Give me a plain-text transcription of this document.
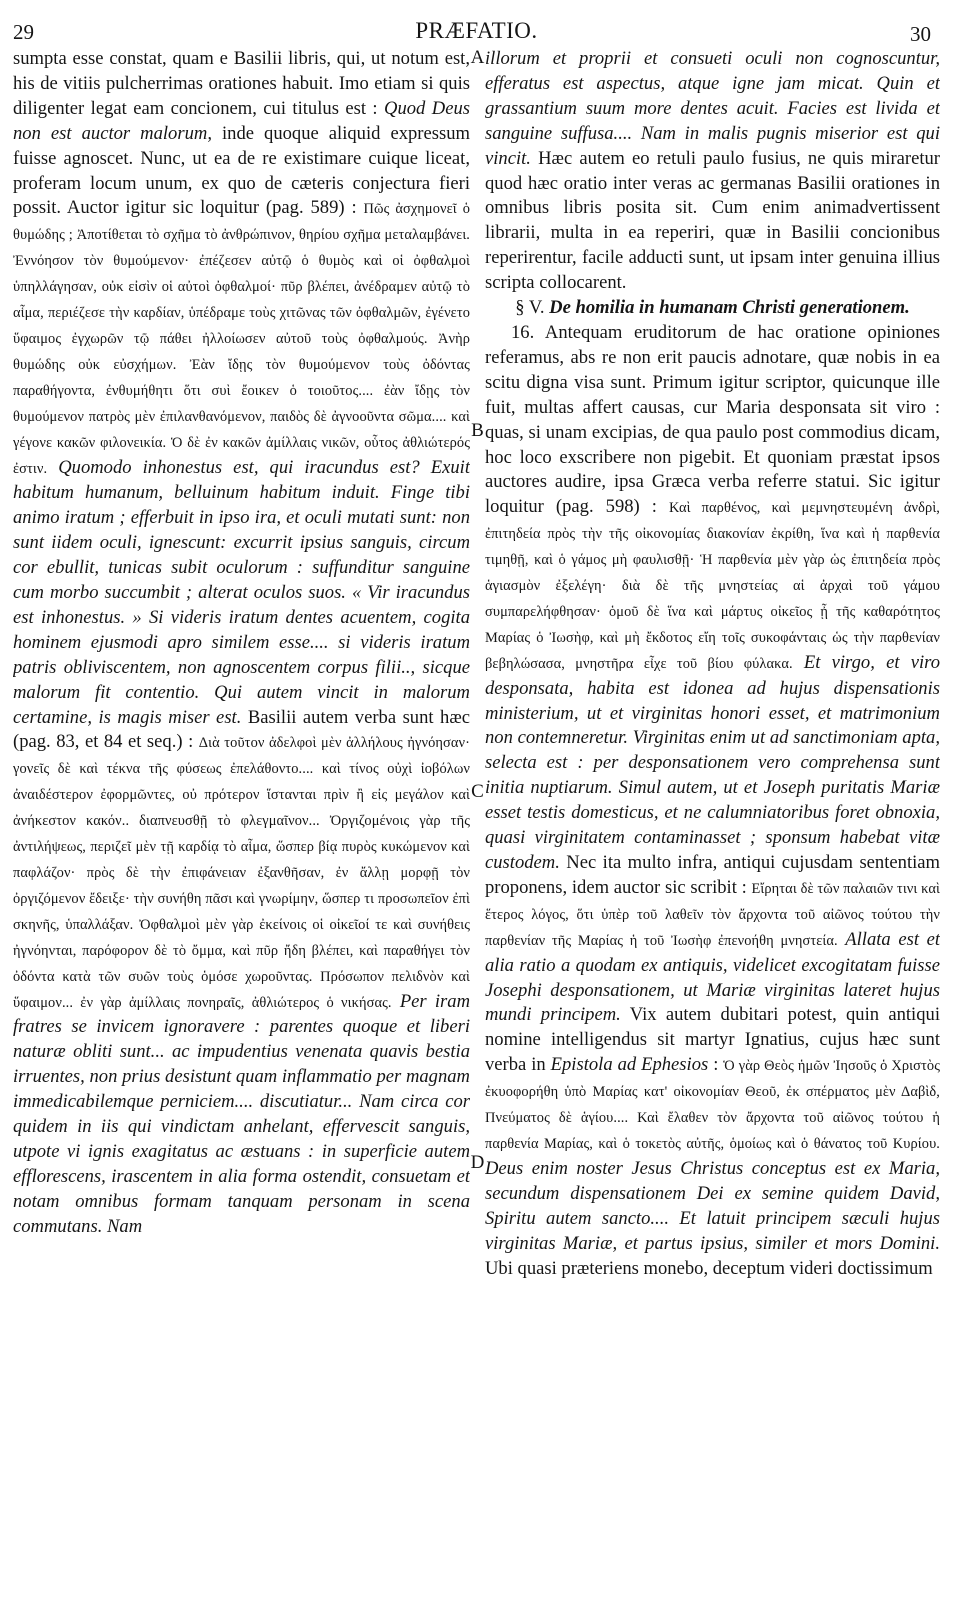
29	PRÆFATIO.	30
A
B
C
D

sumpta esse constat, quam e Basilii libris, qui, ut notum est, his de vitiis pulcherrimas orationes habuit. Imo etiam si quis diligenter legat eam concionem, cui titulus est : Quod Deus non est auctor malorum, inde quoque aliquid expressum fuisse agnoscet. Nunc, ut ea de re existimare cuique liceat, proferam locum unum, ex quo de cæteris conjectura fieri possit. Auctor igitur sic loquitur (pag. 589) : Πῶς ἀσχημονεῖ ὁ θυμώδης ; Ἀποτίθεται τὸ σχῆμα τὸ ἀνθρώπινον, θηρίου σχῆμα μεταλαμβάνει. Ἐννόησον τὸν θυμούμενον· ἐπέζεσεν αὐτῷ ὁ θυμὸς καὶ οἱ ὀφθαλμοὶ ὑπηλλάγησαν, οὐκ εἰσὶν οἱ αὐτοὶ ὀφθαλμοί· πῦρ βλέπει, ἀνέδραμεν αὐτῷ τὸ αἷμα, περιέζεσε τὴν καρδίαν, ὑπέδραμε τοὺς χιτῶνας τῶν ὀφθαλμῶν, ἐγένετο ὕφαιμος ἐγχωρῶν τῷ πάθει ἠλλοίωσεν αὐτοῦ τοὺς ὀφθαλμούς. Ἀνὴρ θυμώδης οὐκ εὐσχήμων. Ἐὰν ἴδῃς τὸν θυμούμενον τοὺς ὀδόντας παραθήγοντα, ἐνθυμήθητι ὅτι συὶ ἔοικεν ὁ τοιοῦτος.... ἐὰν ἴδῃς τὸν θυμούμενον πατρὸς μὲν ἐπιλανθανόμενον, παιδὸς δὲ ἀγνοοῦντα σῶμα.... καὶ γέγονε κακῶν φιλονεικία. Ὁ δὲ ἐν κακῶν ἀμίλλαις νικῶν, οὗτος ἀθλιώτερός ἐστιν. Quomodo inhonestus est, qui iracundus est? Exuit habitum humanum, belluinum habitum induit. Finge tibi animo iratum ; efferbuit in ipso ira, et oculi mutati sunt: non sunt iidem oculi, ignescunt: excurrit ipsius sanguis, circum cor ebullit, tunicas subit oculorum : suffunditur sanguine cum morbo succumbit ; alterat oculos suos. « Vir iracundus est inhonestus. » Si videris iratum dentes acuentem, cogita hominem ejusmodi apro similem esse.... si videris iratum patris obliviscentem, non agnoscentem corpus filii.., sicque malorum fit contentio. Qui autem vincit in malorum certamine, is magis miser est. Basilii autem verba sunt hæc (pag. 83, et 84 et seq.) : Διὰ τοῦτον ἀδελφοὶ μὲν ἀλλήλους ἠγνόησαν· γονεῖς δὲ καὶ τέκνα τῆς φύσεως ἐπελάθοντο.... καὶ τίνος οὐχὶ ἰοβόλων ἀναιδέστερον ἐφορμῶντες, οὐ πρότερον ἵστανται πρὶν ἢ εἰς μεγάλον καὶ ἀνήκεστον κακόν.. διαπνευσθῇ τὸ φλεγμαῖνον... Ὀργιζομένοις γὰρ τῆς ἀντιλήψεως, περιζεῖ μὲν τῇ καρδίᾳ τὸ αἷμα, ὥσπερ βίᾳ πυρὸς κυκώμενον καὶ παφλάζον· πρὸς δὲ τὴν ἐπιφάνειαν ἐξανθῆσαν, ἐν ἄλλῃ μορφῇ τὸν ὀργιζόμενον ἔδειξε· τὴν συνήθη πᾶσι καὶ γνωρίμην, ὥσπερ τι προσωπεῖον ἐπὶ σκηνῆς, ὑπαλλάξαν. Ὀφθαλμοὶ μὲν γὰρ ἐκείνοις οἱ οἰκεῖοί τε καὶ συνήθεις ἠγνόηνται, παρόφορον δὲ τὸ ὄμμα, καὶ πῦρ ἤδη βλέπει, καὶ παραθήγει τὸν ὀδόντα κατὰ τῶν συῶν τοὺς ὁμόσε χωροῦντας. Πρόσωπον πελιδνὸν καὶ ὕφαιμον... ἐν γὰρ ἀμίλλαις πονηραῖς, ἀθλιώτερος ὁ νικήσας. Per iram fratres se invicem ignoravere : parentes quoque et liberi naturæ obliti sunt... ac impudentius venenata quavis bestia irruentes, non prius desistunt quam inflammatio per magnam immedicabilemque perniciem.... discutiatur... Nam circa cor quidem in iis qui vindictam anhelant, effervescit sanguis, utpote vi ignis exagitatus ac æstuans : in superficie autem efflorescens, irascentem in alia forma ostendit, consuetam et notam omnibus formam tanquam personam in scena commutans. Nam

illorum et proprii et consueti oculi non cognoscuntur, efferatus est aspectus, atque igne jam micat. Quin et grassantium suum more dentes acuit. Facies est livida et sanguine suffusa.... Nam in malis pugnis miserior est qui vincit. Hæc autem eo retuli paulo fusius, ne quis miraretur quod hæc oratio inter veras ac germanas Basilii orationes in omnibus libris posita sit. Cum enim animadvertissent librarii, multa in ea reperiri, quæ in Basilii concionibus reperirentur, facile adducti sunt, ut ipsam inter genuina illius scripta collocarent.

§ V. De homilia in humanam Christi generationem.

16. Antequam eruditorum de hac oratione opiniones referamus, abs re non erit paucis adnotare, quæ nobis in ea scitu digna visa sunt. Primum igitur scriptor, quicunque ille fuit, multas affert causas, cur Maria desponsata sit viro : quas, si unam excipias, de qua paulo post commodius dicam, hoc loco exscribere non pigebit. Et quoniam præstat ipsos auctores audire, ipsa Græca verba referre statui. Sic igitur loquitur (pag. 598) : Καὶ παρθένος, καὶ μεμνηστευμένη ἀνδρὶ, ἐπιτηδεία πρὸς τὴν τῆς οἰκονομίας διακονίαν ἐκρίθη, ἵνα καὶ ἡ παρθενία τιμηθῇ, καὶ ὁ γάμος μὴ φαυλισθῇ· Ἡ παρθενία μὲν γὰρ ὡς ἐπιτηδεία πρὸς ἁγιασμὸν ἐξελέγη· διὰ δὲ τῆς μνηστείας αἱ ἀρχαὶ τοῦ γάμου συμπαρελήφθησαν· ὁμοῦ δὲ ἵνα καὶ μάρτυς οἰκεῖος ᾖ τῆς καθαρότητος Μαρίας ὁ Ἰωσὴφ, καὶ μὴ ἔκδοτος εἴη τοῖς συκοφάνταις ὡς τὴν παρθενίαν βεβηλώσασα, μνηστῆρα εἶχε τοῦ βίου φύλακα. Et virgo, et viro desponsata, habita est idonea ad hujus dispensationis ministerium, ut et virginitas honori esset, et matrimonium non contemneretur. Virginitas enim ut ad sanctimoniam apta, selecta est : per desponsationem vero comprehensa sunt initia nuptiarum. Simul autem, ut et Joseph puritatis Mariæ esset testis domesticus, et ne calumniatoribus foret obnoxia, quasi virginitatem contaminasset ; sponsum habebat vitæ custodem. Nec ita multo infra, antiqui cujusdam sententiam proponens, idem auctor sic scribit : Εἴρηται δὲ τῶν παλαιῶν τινι καὶ ἕτερος λόγος, ὅτι ὑπὲρ τοῦ λαθεῖν τὸν ἄρχοντα τοῦ αἰῶνος τούτου τὴν παρθενίαν τῆς Μαρίας ἡ τοῦ Ἰωσὴφ ἐπενοήθη μνηστεία. Allata est et alia ratio a quodam ex antiquis, videlicet excogitatam fuisse Josephi desponsationem, ut Mariæ virginitas lateret hujus mundi principem. Vix autem dubitari potest, quin antiqui nomine intelligendus sit martyr Ignatius, cujus hæc sunt verba in Epistola ad Ephesios : Ὁ γὰρ Θεὸς ἡμῶν Ἰησοῦς ὁ Χριστὸς ἐκυοφορήθη ὑπὸ Μαρίας κατ' οἰκονομίαν Θεοῦ, ἐκ σπέρματος μὲν Δαβὶδ, Πνεύματος δὲ ἁγίου.... Καὶ ἔλαθεν τὸν ἄρχοντα τοῦ αἰῶνος τούτου ἡ παρθενία Μαρίας, καὶ ὁ τοκετὸς αὐτῆς, ὁμοίως καὶ ὁ θάνατος τοῦ Κυρίου. Deus enim noster Jesus Christus conceptus est ex Maria, secundum dispensationem Dei ex semine quidem David, Spiritu autem sancto.... Et latuit principem sæculi hujus virginitas Mariæ, et partus ipsius, similer et mors Domini. Ubi quasi præteriens monebo, deceptum videri doctissimum
